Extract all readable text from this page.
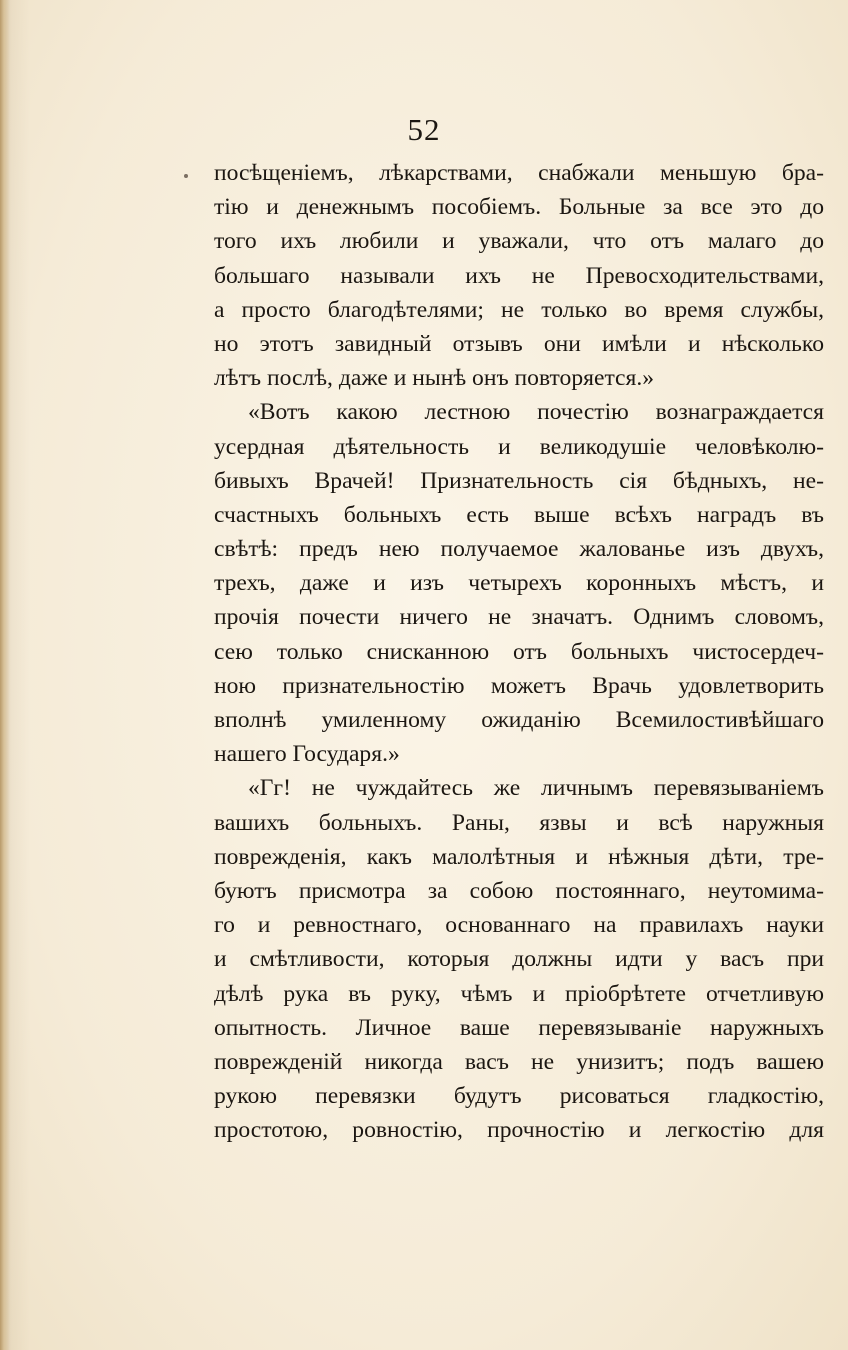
52
посѣщенiемъ, лѣкарствами, снабжали меньшую бра-
тiю и денежнымъ пособiемъ. Больные за все это до
того ихъ любили и уважали, что отъ малаго до
большаго называли ихъ не Превосходительствами,
а просто благодѣтелями; не только во время службы,
но этотъ завидный отзывъ они имѣли и нѣсколько
лѣтъ послѣ, даже и нынѣ онъ повторяется.»
«Вотъ какою лестною почестiю вознаграждается
усердная дѣятельность и великодушiе человѣколю-
бивыхъ Врачей! Признательность сiя бѣдныхъ, не-
счастныхъ больныхъ есть выше всѣхъ наградъ въ
свѣтѣ: предъ нею получаемое жалованье изъ двухъ,
трехъ, даже и изъ четырехъ коронныхъ мѣстъ, и
прочiя почести ничего не значатъ. Однимъ словомъ,
сею только снисканною отъ больныхъ чистосердеч-
ною признательностiю можетъ Врачь удовлетворить
вполнѣ умиленному ожиданiю Всемилостивѣйшаго
нашего Государя.»
«Гг! не чуждайтесь же личнымъ перевязыванiемъ
вашихъ больныхъ. Раны, язвы и всѣ наружныя
поврежденiя, какъ малолѣтныя и нѣжныя дѣти, тре-
буютъ присмотра за собою постояннаго, неутомима-
го и ревностнаго, основаннаго на правилахъ науки
и смѣтливости, которыя должны идти у васъ при
дѣлѣ рука въ руку, чѣмъ и прiобрѣтете отчетливую
опытность. Личное ваше перевязыванiе наружныхъ
поврежденiй никогда васъ не унизитъ; подъ вашею
рукою перевязки будутъ рисоваться гладкостiю,
простотою, ровностiю, прочностiю и легкостiю для
